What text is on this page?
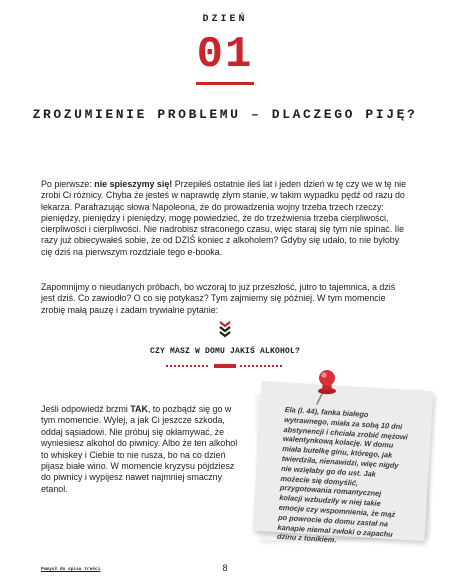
DZIEŃ
01
ZROZUMIENIE PROBLEMU – DLACZEGO PIJĘ?

Po pierwsze: nie spieszymy się! Przepiłeś ostatnie ileś lat i jeden dzień w tę czy we w tę nie zrobi Ci różnicy. Chyba że jesteś w naprawdę złym stanie, w takim wypadku pędź od razu do lekarza. Parafrazując słowa Napoleona, że do prowadzenia wojny trzeba trzech rzeczy: pieniędzy, pieniędzy i pieniędzy, mogę powiedzieć, że do trzeźwienia trzeba cierpliwości, cierpliwości i cierpliwości. Nie nadrobisz straconego czasu, więc staraj się tym nie spinać. Ile razy już obiecywałeś sobie, że od DZIŚ koniec z alkoholem? Gdyby się udało, to nie byłoby cię dziś na pierwszym rozdziale tego e-booka.

Zapomnijmy o nieudanych próbach, bo wczoraj to już przeszłość, jutro to tajemnica, a dziś jest dziś. Co zawiodło? O co się potykasz? Tym zajmiemy się później. W tym momencie zrobię małą pauzę i zadam trywialne pytanie:

CZY MASZ W DOMU JAKIŚ ALKOHOL?

Jeśli odpowiedź brzmi TAK, to pozbądź się go w tym momencie. Wylej, a jak Ci jeszcze szkoda, oddaj sąsiadowi. Nie próbuj się okłamywać, że wyniesiesz alkohol do piwnicy. Albo że ten alkohol to whiskey i Ciebie to nie rusza, bo na co dzień pijasz białe wino. W momencie kryzysu pójdziesz do piwnicy i wypijesz nawet najmniej smaczny etanol.

Ela (l. 44), fanka białego wytrawnego, miała za sobą 10 dni abstynencji i chciała zrobić mężowi walentynkową kolację. W domu miała butelkę ginu, którego, jak twierdziła, nienawidzi, więc nigdy nie wzięłaby go do ust. Jak możecie się domyślić, przygotowania romantycznej kolacji wzbudziły w niej takie emocje czy wspomnienia, że mąż po powrocie do domu zastał na kanapie niemal zwłoki o zapachu dżinu z tonikiem.

Pomysł do spisu treści	8
